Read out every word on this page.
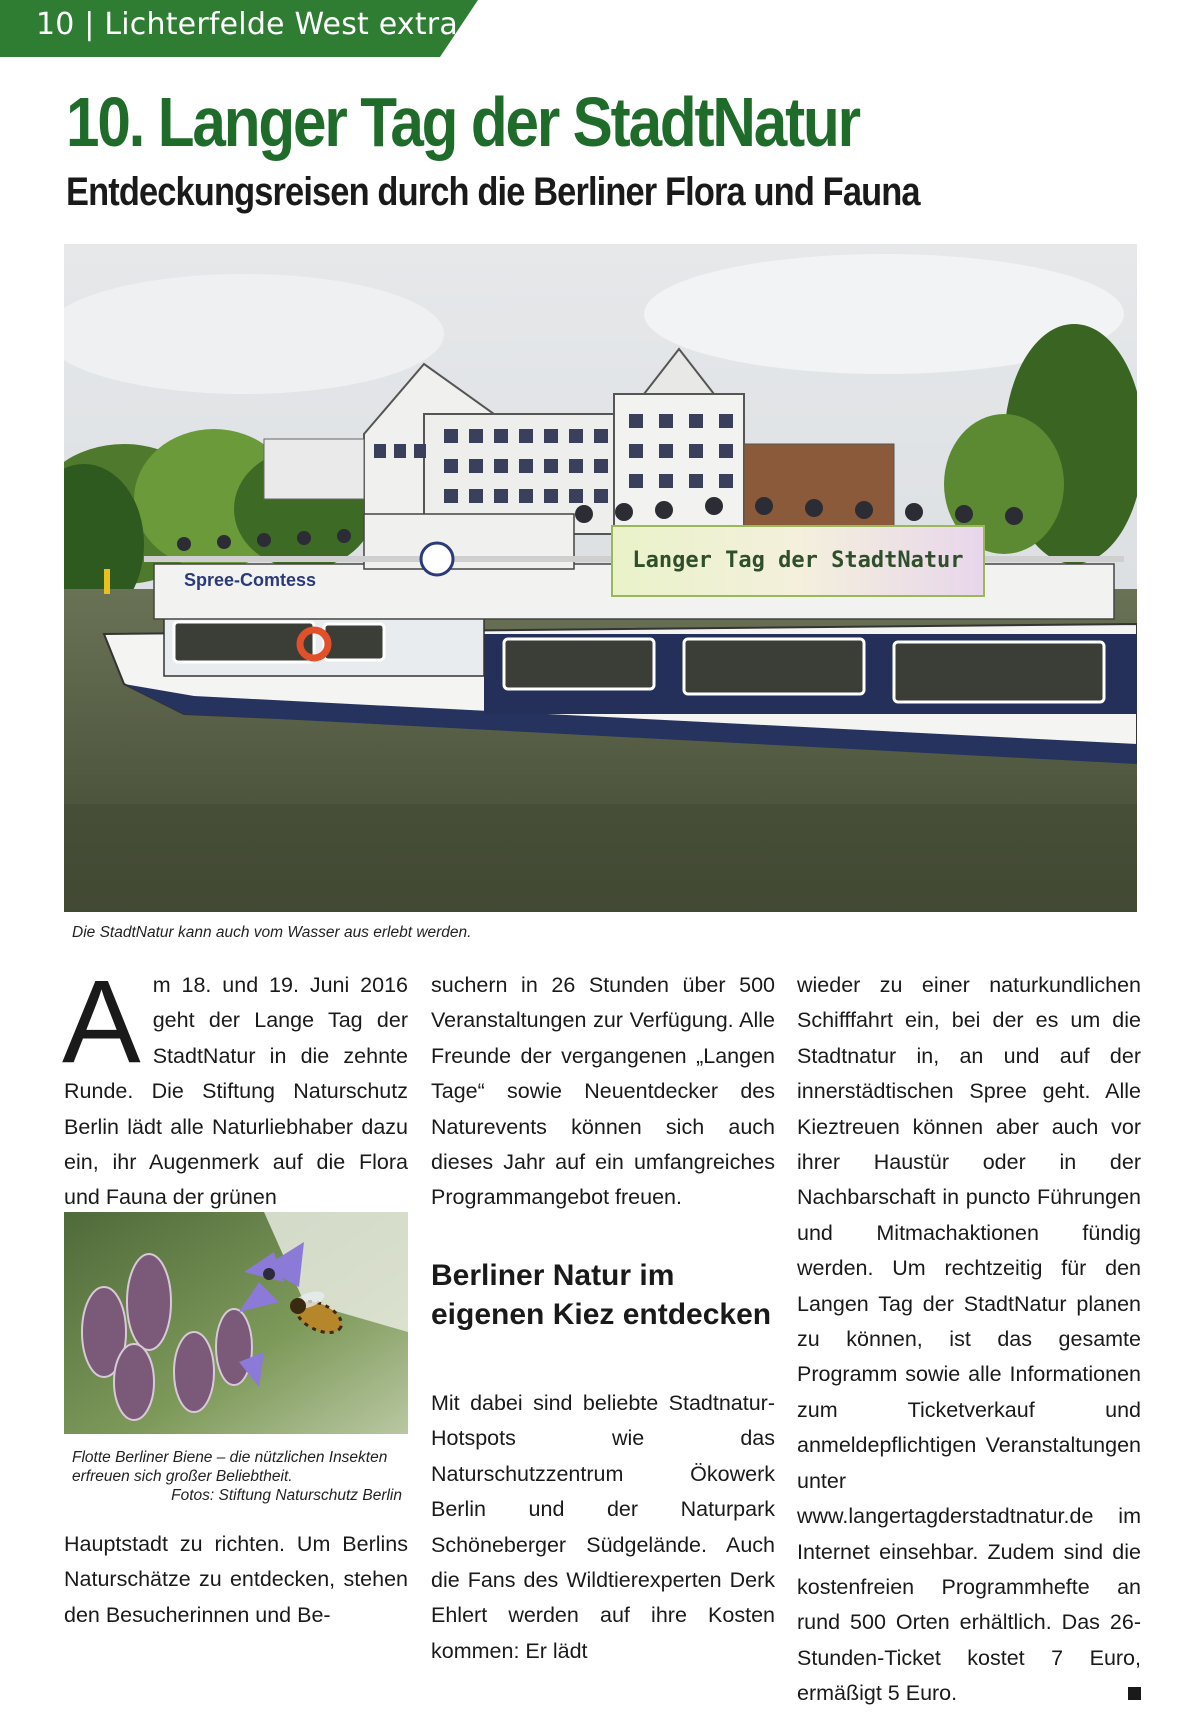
10 | Lichterfelde West extra
10. Langer Tag der StadtNatur
Entdeckungsreisen durch die Berliner Flora und Fauna
Spree-Comtess
Langer Tag der StadtNatur
Die StadtNatur kann auch vom Wasser aus erlebt werden.

Am 18. und 19. Juni 2016 geht der Lange Tag der StadtNatur in die zehnte Runde. Die Stiftung Naturschutz Berlin lädt alle Naturliebhaber dazu ein, ihr Augenmerk auf die Flora und Fauna der grünen

Flotte Berliner Biene – die nützlichen Insekten erfreuen sich großer Beliebtheit.
Fotos: Stiftung Naturschutz Berlin

Hauptstadt zu richten. Um Berlins Naturschätze zu entdecken, stehen den Besucherinnen und Be-

suchern in 26 Stunden über 500 Veranstaltungen zur Verfügung. Alle Freunde der vergangenen „Langen Tage“ sowie Neuentdecker des Naturevents können sich auch dieses Jahr auf ein umfangreiches Programmangebot freuen.

Berliner Natur im eigenen Kiez entdecken

Mit dabei sind beliebte Stadtnatur-Hotspots wie das Naturschutzzentrum Ökowerk Berlin und der Naturpark Schöneberger Südgelände. Auch die Fans des Wildtierexperten Derk Ehlert werden auf ihre Kosten kommen: Er lädt

wieder zu einer naturkundlichen Schifffahrt ein, bei der es um die Stadtnatur in, an und auf der innerstädtischen Spree geht. Alle Kieztreuen können aber auch vor ihrer Haustür oder in der Nachbarschaft in puncto Führungen und Mitmachaktionen fündig werden. Um rechtzeitig für den Langen Tag der StadtNatur planen zu können, ist das gesamte Programm sowie alle Informationen zum Ticketverkauf und anmeldepflichtigen Veranstaltungen unter www.langertagderstadtnatur.de im Internet einsehbar. Zudem sind die kostenfreien Programmhefte an rund 500 Orten erhältlich. Das 26-Stunden-Ticket kostet 7 Euro, ermäßigt 5 Euro.
